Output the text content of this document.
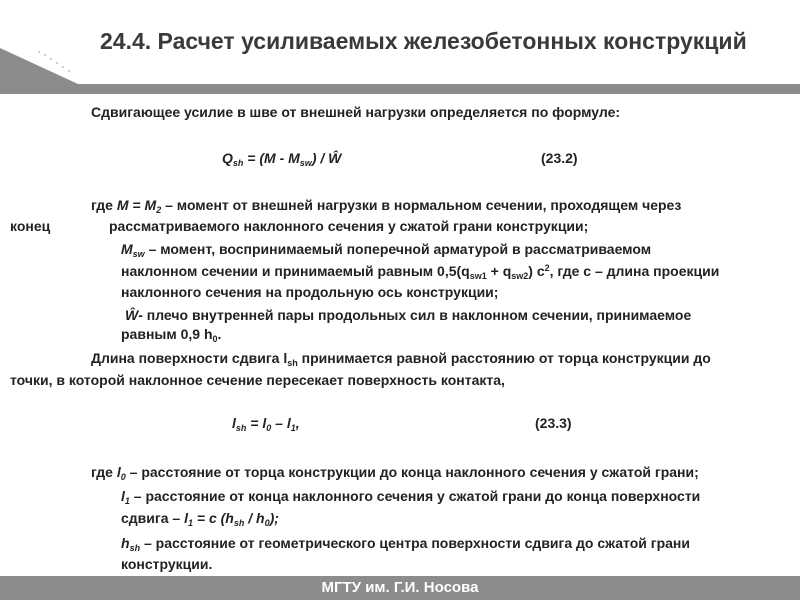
24.4. Расчет усиливаемых железобетонных конструкций
Сдвигающее усилие в шве от внешней нагрузки определяется по формуле:
$Q_{sh} = (M - M_{sw})$ / Ŵ	(23.2)
где $M = M_2$ – момент от внешней нагрузки в нормальном сечении, проходящем через
конец	рассматриваемого наклонного сечения у сжатой грани конструкции;
$M_{sw}$ – момент, воспринимаемый поперечной арматурой в рассматриваемом
наклонном сечении и принимаемый равным $0,5(q_{sw1} + q_{sw2})$ $c^2$, где c – длина проекции
наклонного сечения на продольную ось конструкции;
Ŵ- плечо внутренней пары продольных сил в наклонном сечении, принимаемое
равным 0,9 $h_0$.
Длина поверхности сдвига $l_{sh}$ принимается равной расстоянию от торца конструкции до
точки, в которой наклонное сечение пересекает поверхность контакта,
$l_{sh} = l_0 - l_1$,	(23.3)
где $l_0$ – расстояние от торца конструкции до конца наклонного сечения у сжатой грани;
$l_1$ – расстояние от конца наклонного сечения у сжатой грани до конца поверхности
сдвига – $l_1 = c$ $(h_{sh} / h_0)$;
$h_{sh}$ – расстояние от геометрического центра поверхности сдвига до сжатой грани
конструкции.
МГТУ им. Г.И. Носова
